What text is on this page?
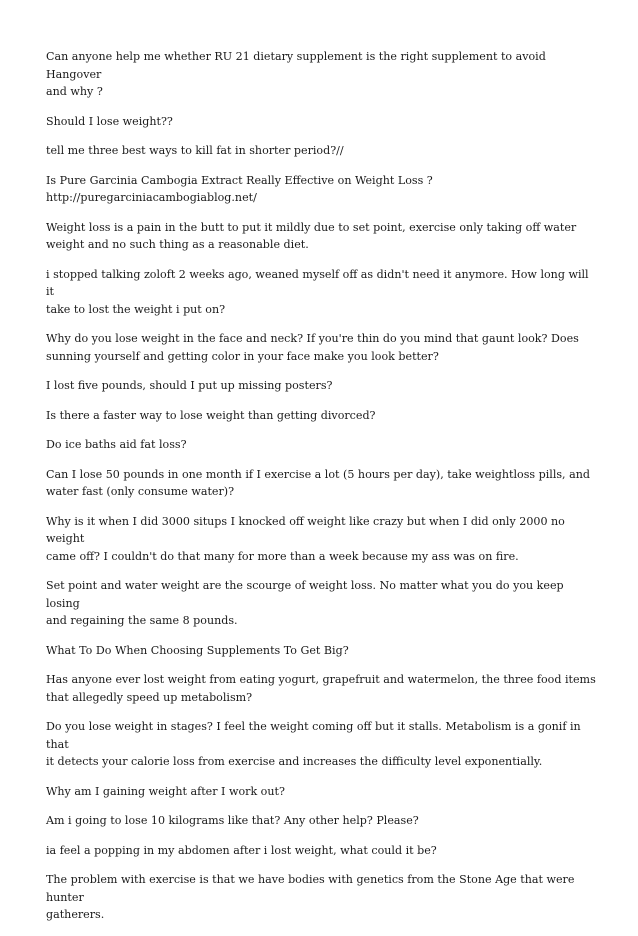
Can anyone help me whether RU 21 dietary supplement is the right supplement to avoid Hangover
and why ?

Should I lose weight??

tell me three best ways to kill fat in shorter period?//

Is Pure Garcinia Cambogia Extract Really Effective on Weight Loss ?
http://puregarciniacambogiablog.net/

Weight loss is a pain in the butt to put it mildly due to set point, exercise only taking off water
weight and no such thing as a reasonable diet.

i stopped talking zoloft 2 weeks ago, weaned myself off as didn't need it anymore. How long will it
take to lost the weight i put on?

Why do you lose weight in the face and neck? If you're thin do you mind that gaunt look? Does
sunning yourself and getting color in your face make you look better?

I lost five pounds, should I put up missing posters?

Is there a faster way to lose weight than getting divorced?

Do ice baths aid fat loss?

Can I lose 50 pounds in one month if I exercise a lot (5 hours per day), take weightloss pills, and
water fast (only consume water)?

Why is it when I did 3000 situps I knocked off weight like crazy but when I did only 2000 no weight
came off? I couldn't do that many for more than a week because my ass was on fire.

Set point and water weight are the scourge of weight loss. No matter what you do you keep losing
and regaining the same 8 pounds.

What To Do When Choosing Supplements To Get Big?

Has anyone ever lost weight from eating yogurt, grapefruit and watermelon, the three food items
that allegedly speed up metabolism?

Do you lose weight in stages? I feel the weight coming off but it stalls. Metabolism is a gonif in that
it detects your calorie loss from exercise and increases the difficulty level exponentially.

Why am I gaining weight after I work out?

Am i going to lose 10 kilograms like that? Any other help? Please?

ia feel a popping in my abdomen after i lost weight, what could it be?

The problem with exercise is that we have bodies with genetics from the Stone Age that were hunter
gatherers.
